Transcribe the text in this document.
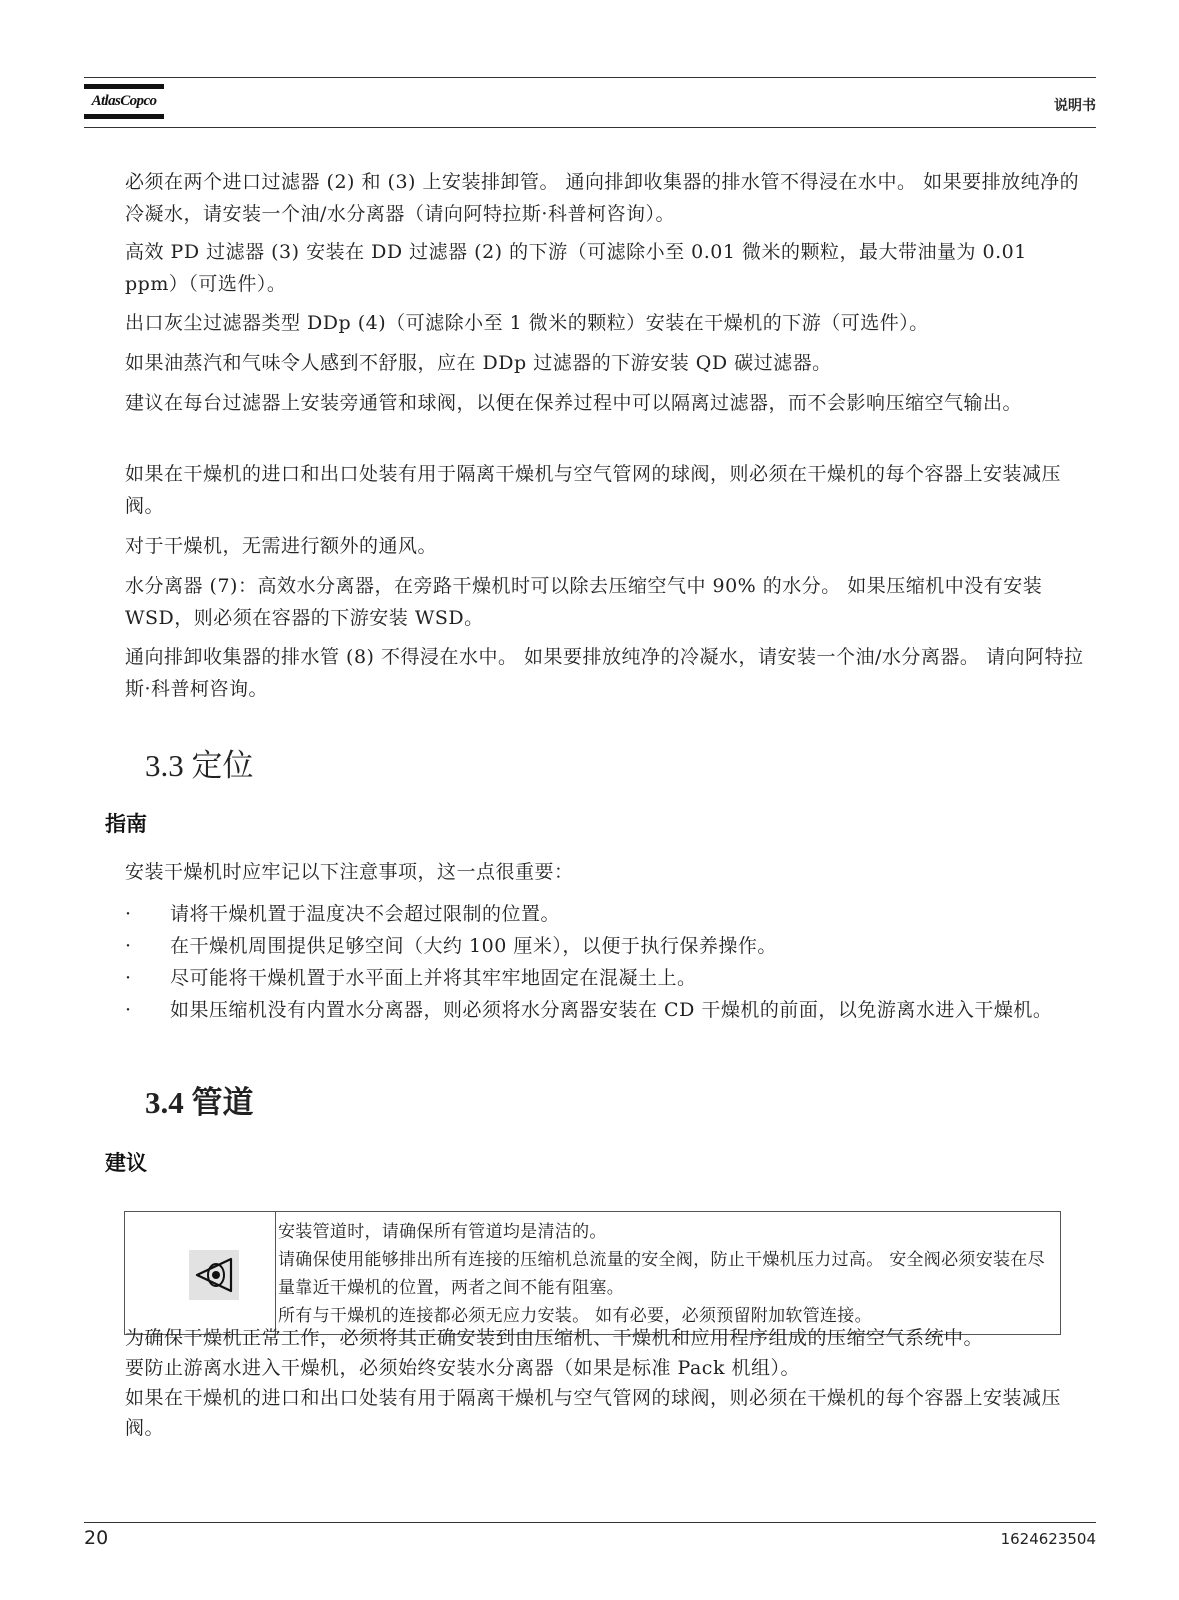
AtlasCopco	说明书

必须在两个进口过滤器 (2) 和 (3) 上安装排卸管。 通向排卸收集器的排水管不得浸在水中。 如果要排放纯净的冷凝水，请安装一个油/水分离器（请向阿特拉斯·科普柯咨询）。

高效 PD 过滤器 (3) 安装在 DD 过滤器 (2) 的下游（可滤除小至 0.01 微米的颗粒，最大带油量为 0.01 ppm）（可选件）。

出口灰尘过滤器类型 DDp (4)（可滤除小至 1 微米的颗粒）安装在干燥机的下游（可选件）。

如果油蒸汽和气味令人感到不舒服，应在 DDp 过滤器的下游安装 QD 碳过滤器。

建议在每台过滤器上安装旁通管和球阀，以便在保养过程中可以隔离过滤器，而不会影响压缩空气输出。

如果在干燥机的进口和出口处装有用于隔离干燥机与空气管网的球阀，则必须在干燥机的每个容器上安装减压阀。

对于干燥机，无需进行额外的通风。

水分离器 (7)：高效水分离器，在旁路干燥机时可以除去压缩空气中 90% 的水分。 如果压缩机中没有安装 WSD，则必须在容器的下游安装 WSD。

通向排卸收集器的排水管 (8) 不得浸在水中。 如果要排放纯净的冷凝水，请安装一个油/水分离器。 请向阿特拉斯·科普柯咨询。

3.3 定位
指南

安装干燥机时应牢记以下注意事项，这一点很重要：

· 请将干燥机置于温度决不会超过限制的位置。
· 在干燥机周围提供足够空间（大约 100 厘米），以便于执行保养操作。
· 尽可能将干燥机置于水平面上并将其牢牢地固定在混凝土上。
· 如果压缩机没有内置水分离器，则必须将水分离器安装在 CD 干燥机的前面，以免游离水进入干燥机。
3.4 管道
建议
安装管道时，请确保所有管道均是清洁的。
请确保使用能够排出所有连接的压缩机总流量的安全阀，防止干燥机压力过高。 安全阀必须安装在尽量靠近干燥机的位置，两者之间不能有阻塞。
所有与干燥机的连接都必须无应力安装。 如有必要，必须预留附加软管连接。

为确保干燥机正常工作，必须将其正确安装到由压缩机、干燥机和应用程序组成的压缩空气系统中。
要防止游离水进入干燥机，必须始终安装水分离器（如果是标准 Pack 机组）。
如果在干燥机的进口和出口处装有用于隔离干燥机与空气管网的球阀，则必须在干燥机的每个容器上安装减压阀。

20	1624623504
